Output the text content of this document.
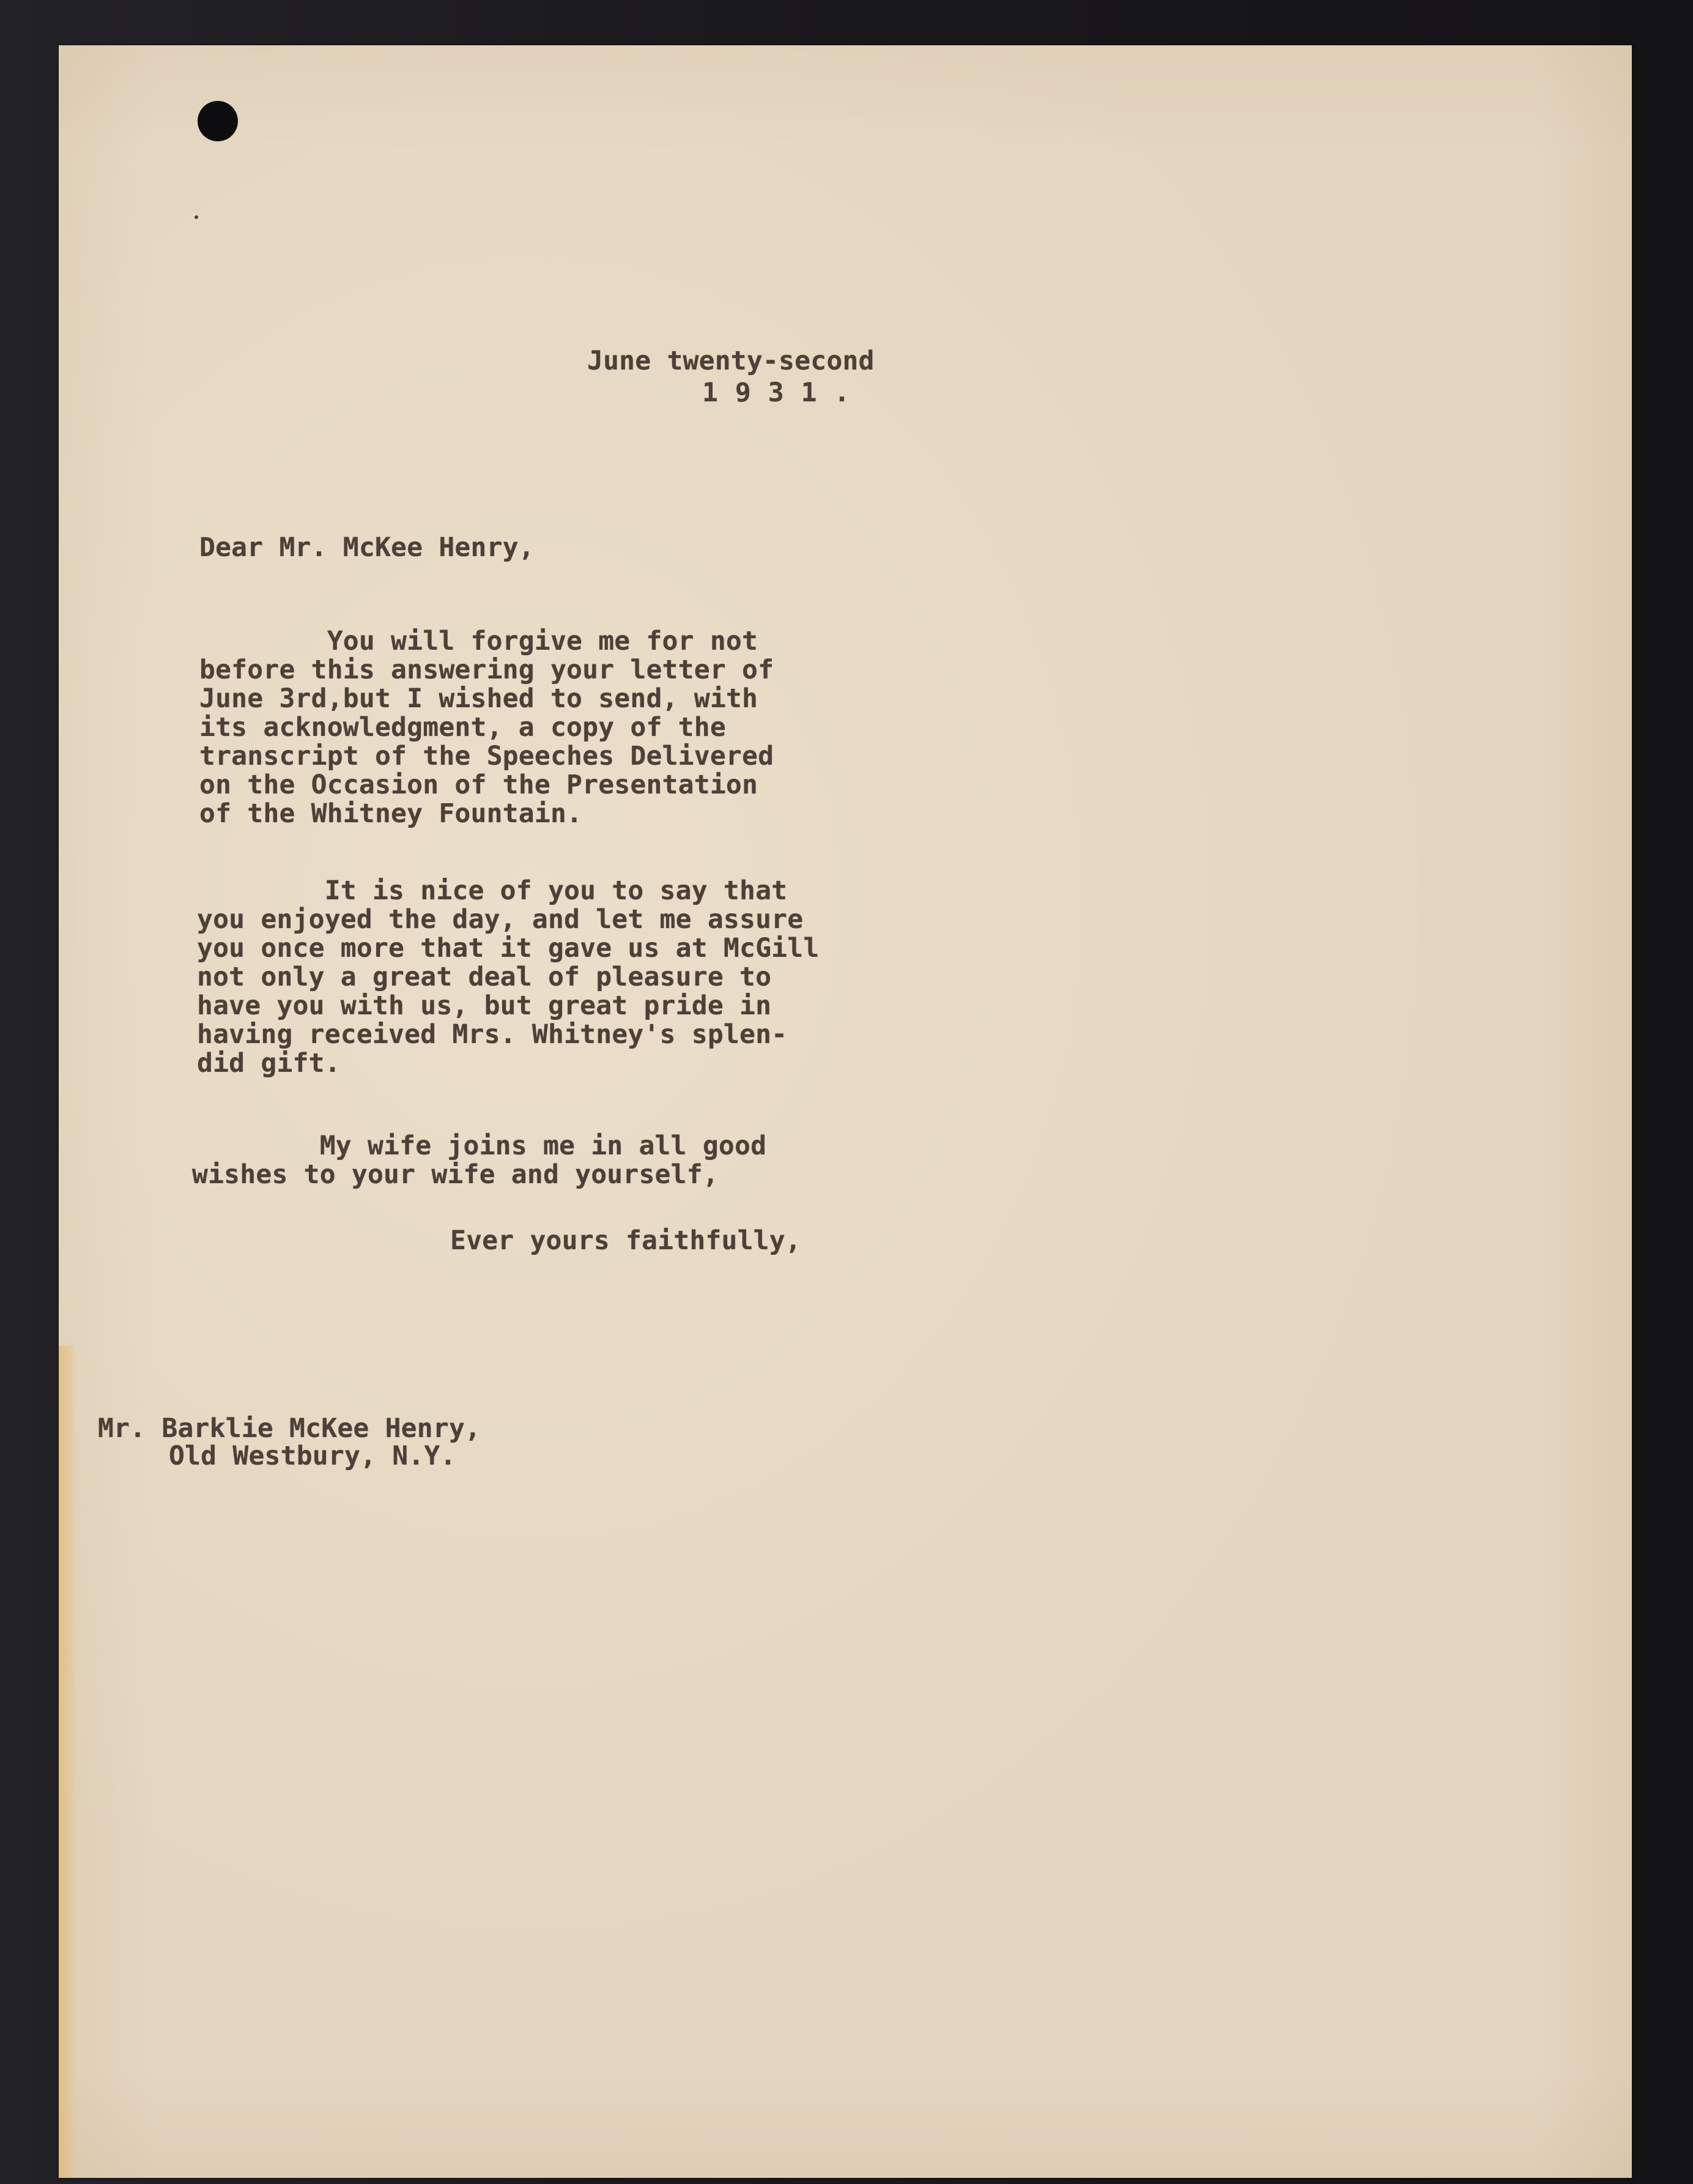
June twenty-second

1931.

Dear Mr. McKee Henry,

You will forgive me for not
before this answering your letter of
June 3rd,but I wished to send, with
its acknowledgment, a copy of the
transcript of the Speeches Delivered
on the Occasion of the Presentation
of the Whitney Fountain.

It is nice of you to say that
you enjoyed the day, and let me assure
you once more that it gave us at McGill
not only a great deal of pleasure to
have you with us, but great pride in
having received Mrs. Whitney's splen-
did gift.

My wife joins me in all good
wishes to your wife and yourself,

Ever yours faithfully,

Mr. Barklie McKee Henry,

Old Westbury, N.Y.
